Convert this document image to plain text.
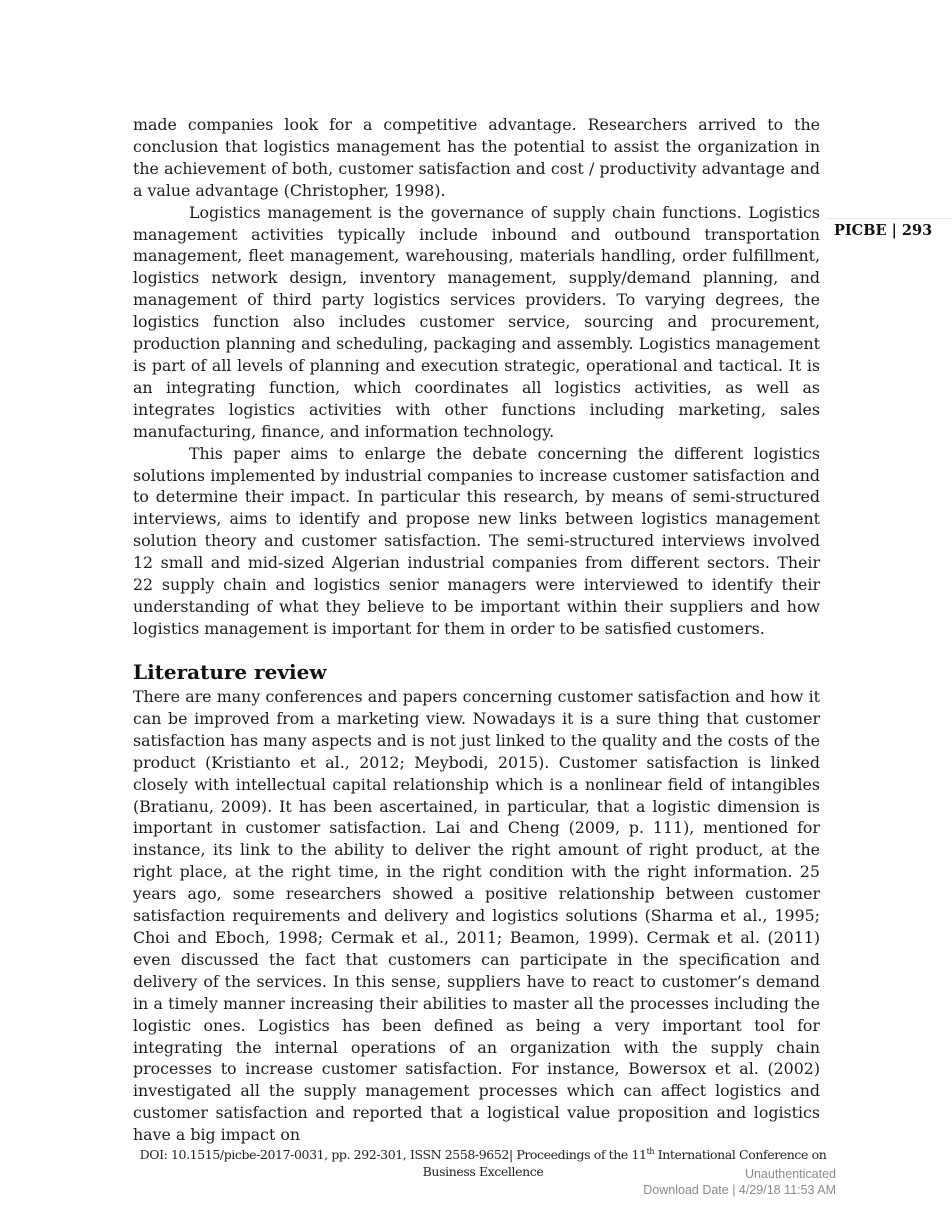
PICBE | 293

made companies look for a competitive advantage. Researchers arrived to the conclusion that logistics management has the potential to assist the organization in the achievement of both, customer satisfaction and cost / productivity advantage and a value advantage (Christopher, 1998).

Logistics management is the governance of supply chain functions. Logistics management activities typically include inbound and outbound transportation management, fleet management, warehousing, materials handling, order fulfillment, logistics network design, inventory management, supply/demand planning, and management of third party logistics services providers. To varying degrees, the logistics function also includes customer service, sourcing and procurement, production planning and scheduling, packaging and assembly. Logistics management is part of all levels of planning and execution strategic, operational and tactical. It is an integrating function, which coordinates all logistics activities, as well as integrates logistics activities with other functions including marketing, sales manufacturing, finance, and information technology.

This paper aims to enlarge the debate concerning the different logistics solutions implemented by industrial companies to increase customer satisfaction and to determine their impact. In particular this research, by means of semi-structured interviews, aims to identify and propose new links between logistics management solution theory and customer satisfaction. The semi-structured interviews involved 12 small and mid-sized Algerian industrial companies from different sectors. Their 22 supply chain and logistics senior managers were interviewed to identify their understanding of what they believe to be important within their suppliers and how logistics management is important for them in order to be satisfied customers.

Literature review

There are many conferences and papers concerning customer satisfaction and how it can be improved from a marketing view. Nowadays it is a sure thing that customer satisfaction has many aspects and is not just linked to the quality and the costs of the product (Kristianto et al., 2012; Meybodi, 2015). Customer satisfaction is linked closely with intellectual capital relationship which is a nonlinear field of intangibles (Bratianu, 2009). It has been ascertained, in particular, that a logistic dimension is important in customer satisfaction. Lai and Cheng (2009, p. 111), mentioned for instance, its link to the ability to deliver the right amount of right product, at the right place, at the right time, in the right condition with the right information. 25 years ago, some researchers showed a positive relationship between customer satisfaction requirements and delivery and logistics solutions (Sharma et al., 1995; Choi and Eboch, 1998; Cermak et al., 2011; Beamon, 1999). Cermak et al. (2011) even discussed the fact that customers can participate in the specification and delivery of the services. In this sense, suppliers have to react to customer’s demand in a timely manner increasing their abilities to master all the processes including the logistic ones. Logistics has been defined as being a very important tool for integrating the internal operations of an organization with the supply chain processes to increase customer satisfaction. For instance, Bowersox et al. (2002) investigated all the supply management processes which can affect logistics and customer satisfaction and reported that a logistical value proposition and logistics have a big impact on

DOI: 10.1515/picbe-2017-0031, pp. 292-301, ISSN 2558-9652| Proceedings of the 11th International Conference on Business Excellence	Unauthenticated
Download Date | 4/29/18 11:53 AM
